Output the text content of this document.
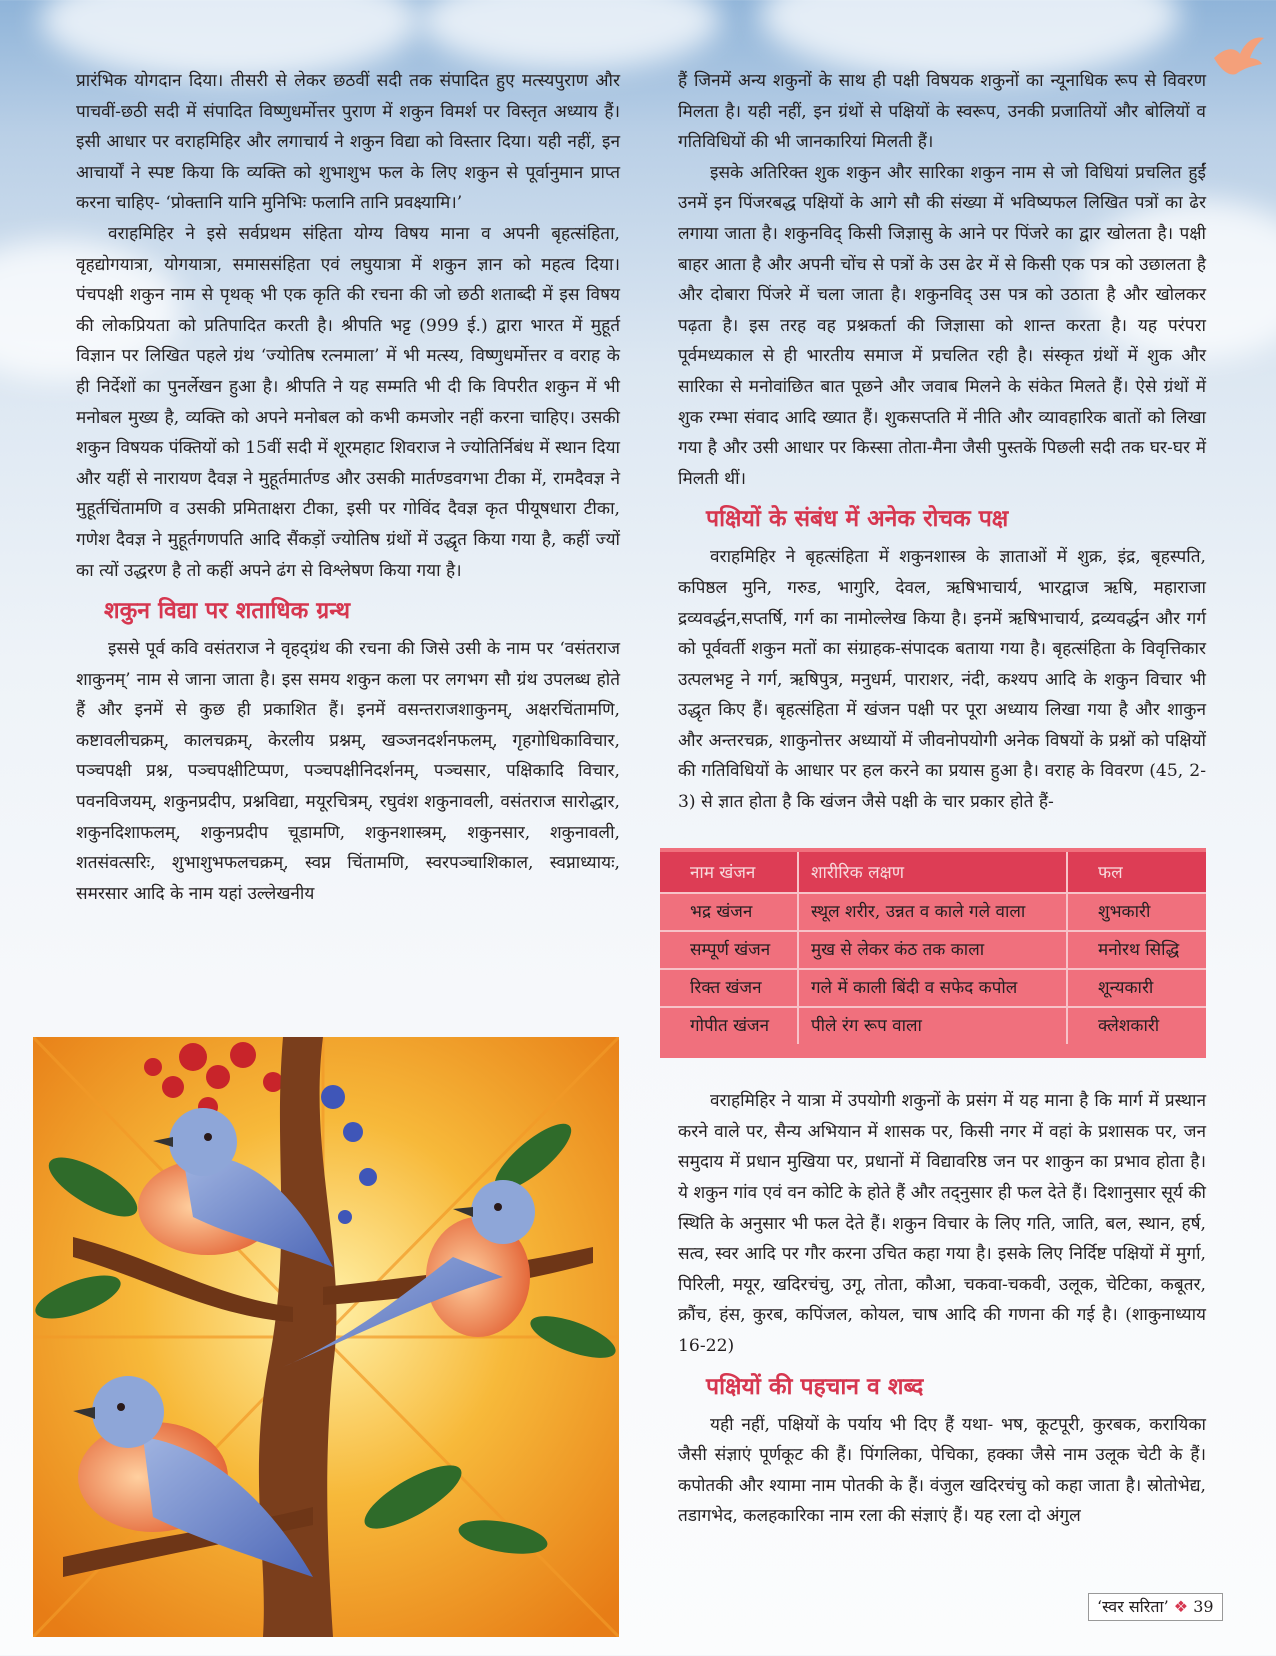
प्रारंभिक योगदान दिया। तीसरी से लेकर छठवीं सदी तक संपादित हुए मत्स्यपुराण और पाचवीं-छठी सदी में संपादित विष्णुधर्मोत्तर पुराण में शकुन विमर्श पर विस्तृत अध्याय हैं। इसी आधार पर वराहमिहिर और लगाचार्य ने शकुन विद्या को विस्तार दिया। यही नहीं, इन आचार्यों ने स्पष्ट किया कि व्यक्ति को शुभाशुभ फल के लिए शकुन से पूर्वानुमान प्राप्त करना चाहिए- ‘प्रोक्तानि यानि मुनिभिः फलानि तानि प्रवक्ष्यामि।’

वराहमिहिर ने इसे सर्वप्रथम संहिता योग्य विषय माना व अपनी बृहत्संहिता, वृहद्योगयात्रा, योगयात्रा, समाससंहिता एवं लघुयात्रा में शकुन ज्ञान को महत्व दिया। पंचपक्षी शकुन नाम से पृथक् भी एक कृति की रचना की जो छठी शताब्दी में इस विषय की लोकप्रियता को प्रतिपादित करती है। श्रीपति भट्ट (999 ई.) द्वारा भारत में मुहूर्त विज्ञान पर लिखित पहले ग्रंथ ‘ज्योतिष रत्नमाला’ में भी मत्स्य, विष्णुधर्मोत्तर व वराह के ही निर्देशों का पुनर्लेखन हुआ है। श्रीपति ने यह सम्मति भी दी कि विपरीत शकुन में भी मनोबल मुख्य है, व्यक्ति को अपने मनोबल को कभी कमजोर नहीं करना चाहिए। उसकी शकुन विषयक पंक्तियों को 15वीं सदी में शूरमहाट शिवराज ने ज्योतिर्निबंध में स्थान दिया और यहीं से नारायण दैवज्ञ ने मुहूर्तमार्तण्ड और उसकी मार्तण्डवगभा टीका में, रामदैवज्ञ ने मुहूर्तचिंतामणि व उसकी प्रमिताक्षरा टीका, इसी पर गोविंद दैवज्ञ कृत पीयूषधारा टीका, गणेश दैवज्ञ ने मुहूर्तगणपति आदि सैंकड़ों ज्योतिष ग्रंथों में उद्धृत किया गया है, कहीं ज्यों का त्यों उद्धरण है तो कहीं अपने ढंग से विश्लेषण किया गया है।

शकुन विद्या पर शताधिक ग्रन्थ

इससे पूर्व कवि वसंतराज ने वृहद्ग्रंथ की रचना की जिसे उसी के नाम पर ‘वसंतराज शाकुनम्’ नाम से जाना जाता है। इस समय शकुन कला पर लगभग सौ ग्रंथ उपलब्ध होते हैं और इनमें से कुछ ही प्रकाशित हैं। इनमें वसन्तराजशाकुनम्, अक्षरचिंतामणि, कष्टावलीचक्रम्, कालचक्रम्, केरलीय प्रश्नम्, खञ्जनदर्शनफलम्, गृहगोधिकाविचार, पञ्चपक्षी प्रश्न, पञ्चपक्षीटिप्पण, पञ्चपक्षीनिदर्शनम्, पञ्चसार, पक्षिकादि विचार, पवनविजयम्, शकुनप्रदीप, प्रश्नविद्या, मयूरचित्रम्, रघुवंश शकुनावली, वसंतराज सारोद्धार, शकुनदिशाफलम्, शकुनप्रदीप चूडामणि, शकुनशास्त्रम्, शकुनसार, शकुनावली, शतसंवत्सरिः, शुभाशुभफलचक्रम्, स्वप्न चिंतामणि, स्वरपञ्चाशिकाल, स्वप्नाध्यायः, समरसार आदि के नाम यहां उल्लेखनीय

हैं जिनमें अन्य शकुनों के साथ ही पक्षी विषयक शकुनों का न्यूनाधिक रूप से विवरण मिलता है। यही नहीं, इन ग्रंथों से पक्षियों के स्वरूप, उनकी प्रजातियों और बोलियों व गतिविधियों की भी जानकारियां मिलती हैं।

इसके अतिरिक्त शुक शकुन और सारिका शकुन नाम से जो विधियां प्रचलित हुईं उनमें इन पिंजरबद्ध पक्षियों के आगे सौ की संख्या में भविष्यफल लिखित पत्रों का ढेर लगाया जाता है। शकुनविद् किसी जिज्ञासु के आने पर पिंजरे का द्वार खोलता है। पक्षी बाहर आता है और अपनी चोंच से पत्रों के उस ढेर में से किसी एक पत्र को उछालता है और दोबारा पिंजरे में चला जाता है। शकुनविद् उस पत्र को उठाता है और खोलकर पढ़ता है। इस तरह वह प्रश्नकर्ता की जिज्ञासा को शान्त करता है। यह परंपरा पूर्वमध्यकाल से ही भारतीय समाज में प्रचलित रही है। संस्कृत ग्रंथों में शुक और सारिका से मनोवांछित बात पूछने और जवाब मिलने के संकेत मिलते हैं। ऐसे ग्रंथों में शुक रम्भा संवाद आदि ख्यात हैं। शुकसप्तति में नीति और व्यावहारिक बातों को लिखा गया है और उसी आधार पर किस्सा तोता-मैना जैसी पुस्तकें पिछली सदी तक घर-घर में मिलती थीं।

पक्षियों के संबंध में अनेक रोचक पक्ष

वराहमिहिर ने बृहत्संहिता में शकुनशास्त्र के ज्ञाताओं में शुक्र, इंद्र, बृहस्पति, कपिष्ठल मुनि, गरुड, भागुरि, देवल, ऋषिभाचार्य, भारद्वाज ऋषि, महाराजा द्रव्यवर्द्धन,सप्तर्षि, गर्ग का नामोल्लेख किया है। इनमें ऋषिभाचार्य, द्रव्यवर्द्धन और गर्ग को पूर्ववर्ती शकुन मतों का संग्राहक-संपादक बताया गया है। बृहत्संहिता के विवृत्तिकार उत्पलभट्ट ने गर्ग, ऋषिपुत्र, मनुधर्म, पाराशर, नंदी, कश्यप आदि के शकुन विचार भी उद्धृत किए हैं। बृहत्संहिता में खंजन पक्षी पर पूरा अध्याय लिखा गया है और शाकुन और अन्तरचक्र, शाकुनोत्तर अध्यायों में जीवनोपयोगी अनेक विषयों के प्रश्नों को पक्षियों की गतिविधियों के आधार पर हल करने का प्रयास हुआ है। वराह के विवरण (45, 2-3) से ज्ञात होता है कि खंजन जैसे पक्षी के चार प्रकार होते हैं-

नाम खंजन	शारीरिक लक्षण	फल
भद्र खंजन	स्थूल शरीर, उन्नत व काले गले वाला	शुभकारी
सम्पूर्ण खंजन	मुख से लेकर कंठ तक काला	मनोरथ सिद्धि
रिक्त खंजन	गले में काली बिंदी व सफेद कपोल	शून्यकारी
गोपीत खंजन	पीले रंग रूप वाला	क्लेशकारी

वराहमिहिर ने यात्रा में उपयोगी शकुनों के प्रसंग में यह माना है कि मार्ग में प्रस्थान करने वाले पर, सैन्य अभियान में शासक पर, किसी नगर में वहां के प्रशासक पर, जन समुदाय में प्रधान मुखिया पर, प्रधानों में विद्यावरिष्ठ जन पर शाकुन का प्रभाव होता है। ये शकुन गांव एवं वन कोटि के होते हैं और तद्नुसार ही फल देते हैं। दिशानुसार सूर्य की स्थिति के अनुसार भी फल देते हैं। शकुन विचार के लिए गति, जाति, बल, स्थान, हर्ष, सत्व, स्वर आदि पर गौर करना उचित कहा गया है। इसके लिए निर्दिष्ट पक्षियों में मुर्गा, पिरिली, मयूर, खदिरचंचु, उगू, तोता, कौआ, चकवा-चकवी, उलूक, चेटिका, कबूतर, क्रौंच, हंस, कुरब, कपिंजल, कोयल, चाष आदि की गणना की गई है। (शाकुनाध्याय 16-22)

पक्षियों की पहचान व शब्द

यही नहीं, पक्षियों के पर्याय भी दिए हैं यथा- भष, कूटपूरी, कुरबक, करायिका जैसी संज्ञाएं पूर्णकूट की हैं। पिंगलिका, पेचिका, हक्का जैसे नाम उलूक चेटी के हैं। कपोतकी और श्यामा नाम पोतकी के हैं। वंजुल खदिरचंचु को कहा जाता है। स्रोतोभेद्य, तडागभेद, कलहकारिका नाम रला की संज्ञाएं हैं। यह रला दो अंगुल

‘स्वर सरिता’ ❖ 39
